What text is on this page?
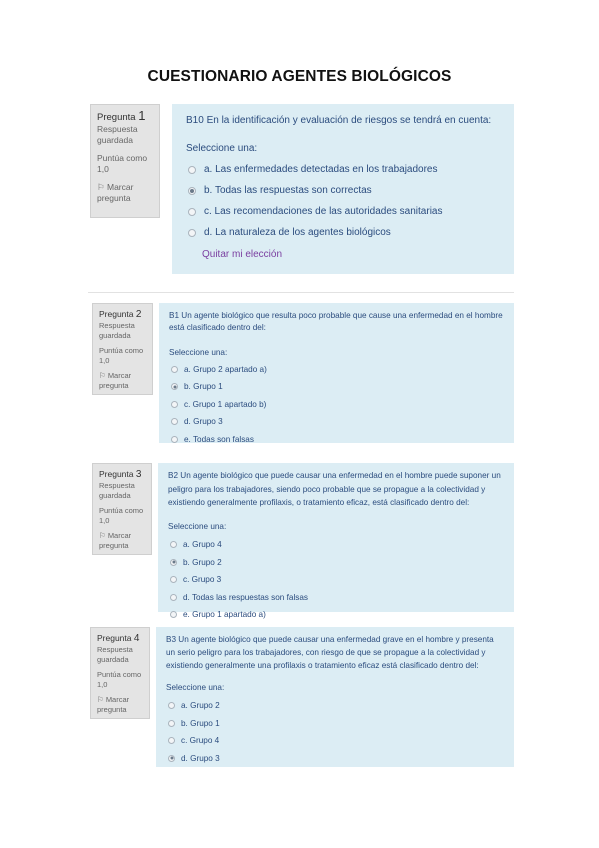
CUESTIONARIO AGENTES BIOLÓGICOS
Pregunta 1
Respuesta guardada
Puntúa como 1,0
⚐ Marcar pregunta
B10 En la identificación y evaluación de riesgos se tendrá en cuenta:
Seleccione una:
a. Las enfermedades detectadas en los trabajadores
b. Todas las respuestas son correctas
c. Las recomendaciones de las autoridades sanitarias
d. La naturaleza de los agentes biológicos
Quitar mi elección
Pregunta 2
Respuesta guardada
Puntúa como 1,0
⚐ Marcar pregunta
B1 Un agente biológico que resulta poco probable que cause una enfermedad en el hombre está clasificado dentro del:
Seleccione una:
a. Grupo 2 apartado a)
b. Grupo 1
c. Grupo 1 apartado b)
d. Grupo 3
e. Todas son falsas
Pregunta 3
Respuesta guardada
Puntúa como 1,0
⚐ Marcar pregunta
B2 Un agente biológico que puede causar una enfermedad en el hombre puede suponer un peligro para los trabajadores, siendo poco probable que se propague a la colectividad y existiendo generalmente profilaxis, o tratamiento eficaz, está clasificado dentro del:
Seleccione una:
a. Grupo 4
b. Grupo 2
c. Grupo 3
d. Todas las respuestas son falsas
e. Grupo 1 apartado a)
Pregunta 4
Respuesta guardada
Puntúa como 1,0
⚐ Marcar pregunta
B3 Un agente biológico que puede causar una enfermedad grave en el hombre y presenta un serio peligro para los trabajadores, con riesgo de que se propague a la colectividad y existiendo generalmente una profilaxis o tratamiento eficaz está clasificado dentro del:
Seleccione una:
a. Grupo 2
b. Grupo 1
c. Grupo 4
d. Grupo 3
